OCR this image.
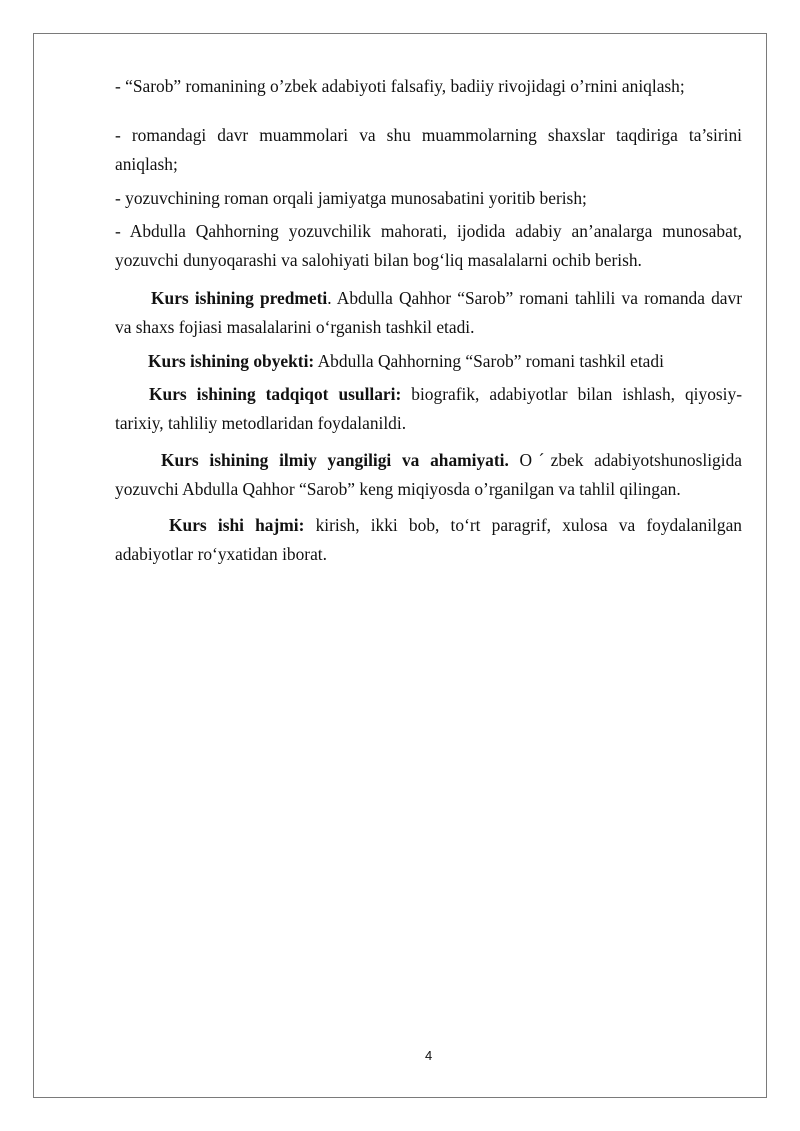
- “Sarob” romanining o’zbek adabiyoti falsafiy, badiiy rivojidagi o’rnini aniqlash;

- romandagi davr muammolari va shu muammolarning shaxslar taqdiriga ta’sirini aniqlash;

- yozuvchining roman orqali jamiyatga munosabatini yoritib berish;

- Abdulla Qahhorning yozuvchilik mahorati, ijodida adabiy an’analarga munosabat, yozuvchi dunyoqarashi va salohiyati bilan bog‘liq masalalarni ochib berish.

Kurs ishining predmeti. Abdulla Qahhor “Sarob” romani tahlili va romanda davr va shaxs fojiasi masalalarini o‘rganish tashkil etadi.

Kurs ishining obyekti: Abdulla Qahhorning “Sarob” romani tashkil etadi

Kurs ishining tadqiqot usullari: biografik, adabiyotlar bilan ishlash, qiyosiy-tarixiy, tahliliy metodlaridan foydalanildi.

Kurs ishining ilmiy yangiligi va ahamiyati. Oˊzbek adabiyotshunosligida yozuvchi Abdulla Qahhor “Sarob” keng miqiyosda o’rganilgan va tahlil qilingan.

Kurs ishi hajmi: kirish, ikki bob, to‘rt paragrif, xulosa va foydalanilgan adabiyotlar ro‘yxatidan iborat.

4
